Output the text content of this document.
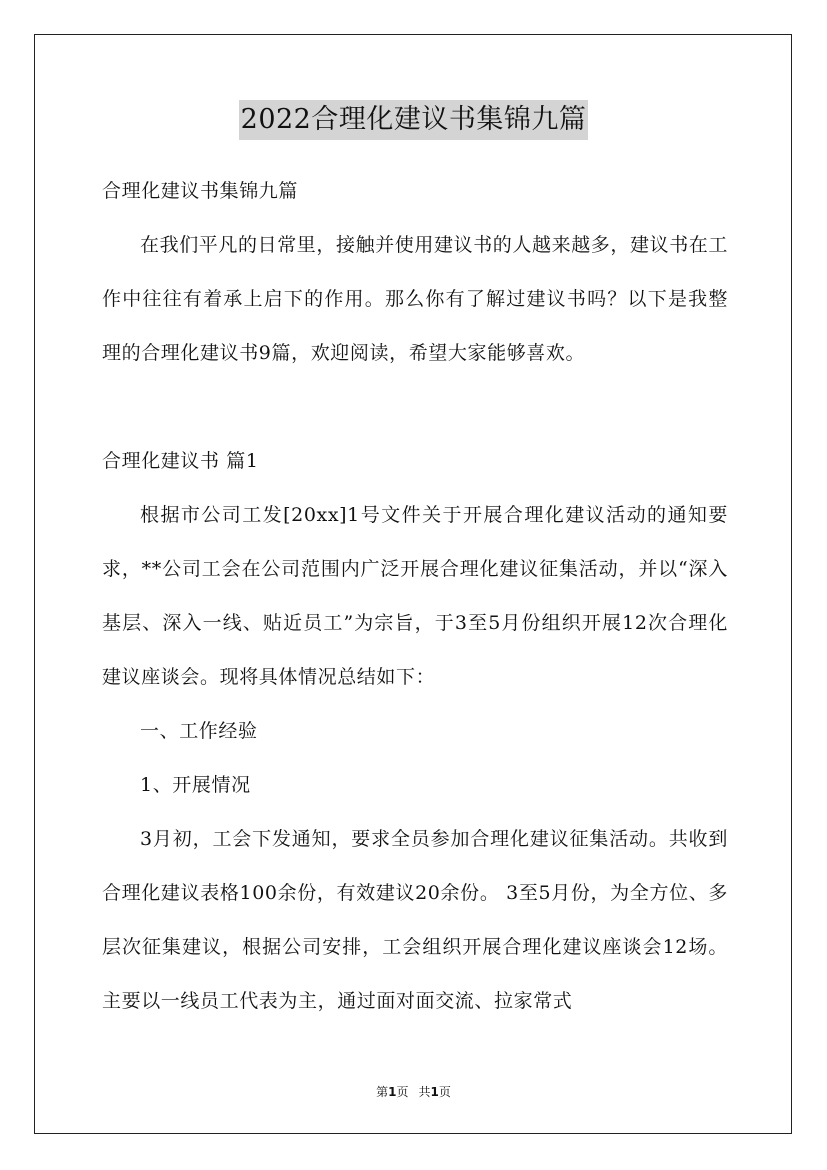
2022合理化建议书集锦九篇

合理化建议书集锦九篇

在我们平凡的日常里，接触并使用建议书的人越来越多，建议书在工作中往往有着承上启下的作用。那么你有了解过建议书吗？以下是我整理的合理化建议书9篇，欢迎阅读，希望大家能够喜欢。

合理化建议书 篇1

根据市公司工发[20xx]1号文件关于开展合理化建议活动的通知要求，**公司工会在公司范围内广泛开展合理化建议征集活动，并以“深入基层、深入一线、贴近员工”为宗旨，于3至5月份组织开展12次合理化建议座谈会。现将具体情况总结如下：

一、工作经验

1、开展情况

3月初，工会下发通知，要求全员参加合理化建议征集活动。共收到合理化建议表格100余份，有效建议20余份。 3至5月份，为全方位、多层次征集建议，根据公司安排，工会组织开展合理化建议座谈会12场。主要以一线员工代表为主，通过面对面交流、拉家常式

第1页 共1页
